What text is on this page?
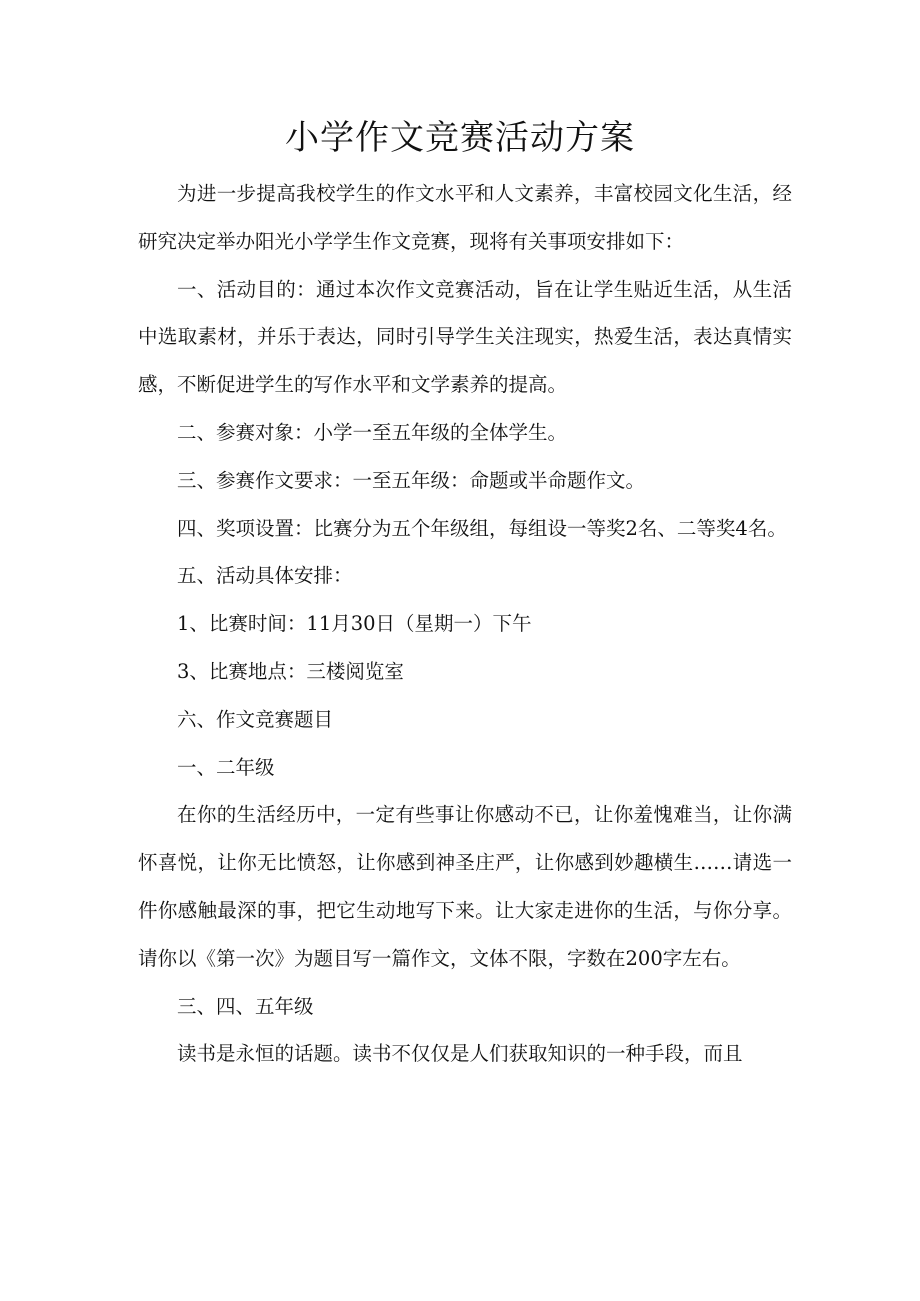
小学作文竞赛活动方案

为进一步提高我校学生的作文水平和人文素养，丰富校园文化生活，经研究决定举办阳光小学学生作文竞赛，现将有关事项安排如下：

一、活动目的：通过本次作文竞赛活动，旨在让学生贴近生活，从生活中选取素材，并乐于表达，同时引导学生关注现实，热爱生活，表达真情实感，不断促进学生的写作水平和文学素养的提高。

二、参赛对象：小学一至五年级的全体学生。

三、参赛作文要求：一至五年级：命题或半命题作文。

四、奖项设置：比赛分为五个年级组，每组设一等奖2名、二等奖4名。

五、活动具体安排：

1、比赛时间：11月30日（星期一）下午

3、比赛地点：三楼阅览室

六、作文竞赛题目

一、二年级

在你的生活经历中，一定有些事让你感动不已，让你羞愧难当，让你满怀喜悦，让你无比愤怒，让你感到神圣庄严，让你感到妙趣横生……请选一件你感触最深的事，把它生动地写下来。让大家走进你的生活，与你分享。请你以《第一次》为题目写一篇作文，文体不限，字数在200字左右。

三、四、五年级

读书是永恒的话题。读书不仅仅是人们获取知识的一种手段，而且
